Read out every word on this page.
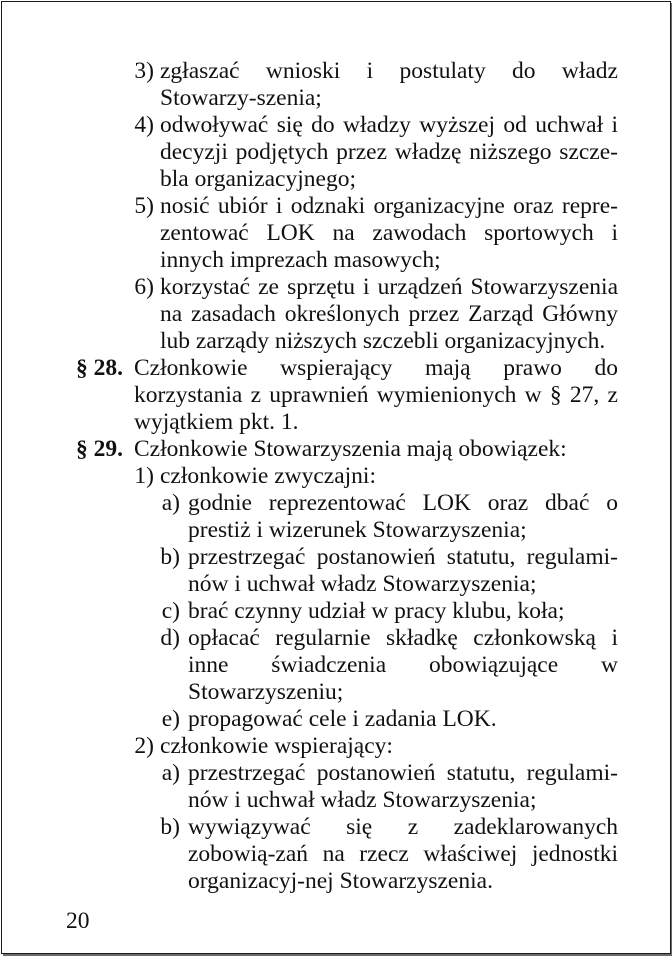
3) zgłaszać wnioski i postulaty do władz Stowarzy-szenia;
4) odwoływać się do władzy wyższej od uchwał i decyzji podjętych przez władzę niższego szcze-bla organizacyjnego;
5) nosić ubiór i odznaki organizacyjne oraz repre-zentować LOK na zawodach sportowych i innych imprezach masowych;
6) korzystać ze sprzętu i urządzeń Stowarzyszenia na zasadach określonych przez Zarząd Główny lub zarządy niższych szczebli organizacyjnych.
§ 28. Członkowie wspierający mają prawo do korzystania z uprawnień wymienionych w § 27, z wyjątkiem pkt. 1.
§ 29. Członkowie Stowarzyszenia mają obowiązek:
1) członkowie zwyczajni:
a) godnie reprezentować LOK oraz dbać o prestiż i wizerunek Stowarzyszenia;
b) przestrzegać postanowień statutu, regulami-nów i uchwał władz Stowarzyszenia;
c) brać czynny udział w pracy klubu, koła;
d) opłacać regularnie składkę członkowską i inne świadczenia obowiązujące w Stowarzyszeniu;
e) propagować cele i zadania LOK.
2) członkowie wspierający:
a) przestrzegać postanowień statutu, regulami-nów i uchwał władz Stowarzyszenia;
b) wywiązywać się z zadeklarowanych zobowią-zań na rzecz właściwej jednostki organizacyj-nej Stowarzyszenia.
20
